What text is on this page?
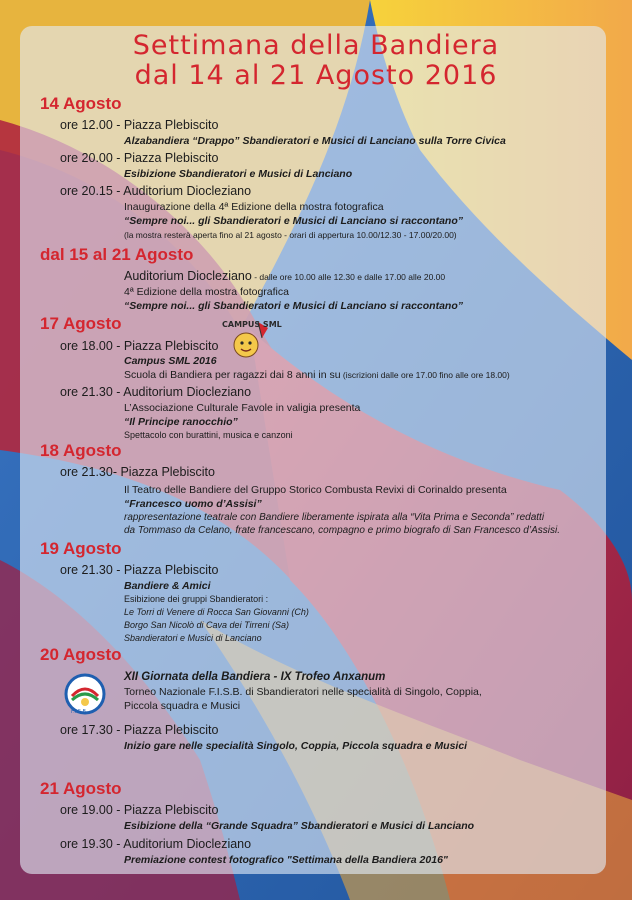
Settimana della Bandiera
dal 14 al 21 Agosto 2016
14 Agosto
ore 12.00 - Piazza Plebiscito
Alzabandiera “Drappo” Sbandieratori e Musici di Lanciano sulla Torre Civica
ore 20.00 - Piazza Plebiscito
Esibizione Sbandieratori e Musici di Lanciano
ore 20.15 - Auditorium Diocleziano
Inaugurazione della 4ª Edizione della mostra fotografica
“Sempre noi... gli Sbandieratori e Musici di Lanciano si raccontano”
(la mostra resterà aperta fino al 21 agosto - orari di appertura 10.00/12.30 - 17.00/20.00)
dal 15 al 21 Agosto
Auditorium Diocleziano - dalle ore 10.00 alle 12.30 e dalle 17.00 alle 20.00
4ª Edizione della mostra fotografica
“Sempre noi... gli Sbandieratori e Musici di Lanciano si raccontano”
17 Agosto
ore 18.00 - Piazza Plebiscito
Campus SML 2016
Scuola di Bandiera per ragazzi dai 8 anni in su (iscrizioni dalle ore 17.00 fino alle ore 18.00)
ore 21.30 - Auditorium Diocleziano
L’Associazione Culturale Favole in valigia presenta
“Il Principe ranocchio”
Spettacolo con burattini, musica e canzoni
CAMPUS SML
18 Agosto
ore 21.30- Piazza Plebiscito
Il Teatro delle Bandiere del Gruppo Storico Combusta Revixi di Corinaldo presenta
“Francesco uomo d’Assisi”
rappresentazione teatrale con Bandiere liberamente ispirata alla “Vita Prima e Seconda” redatti
da Tommaso da Celano, frate francescano, compagno e primo biografo di San Francesco d’Assisi.
19 Agosto
ore 21.30 - Piazza Plebiscito
Bandiere & Amici
Esibizione dei gruppi Sbandieratori :
Le Torri di Venere di Rocca San Giovanni (Ch)
Borgo San Nicolò di Cava dei Tirreni (Sa)
Sbandieratori e Musici di Lanciano
20 Agosto
F.I.S.B.
XII Giornata della Bandiera - IX Trofeo Anxanum
Torneo Nazionale F.I.S.B. di Sbandieratori nelle specialità di Singolo, Coppia,
Piccola squadra e Musici
ore 17.30 - Piazza Plebiscito
Inizio gare nelle specialità Singolo, Coppia, Piccola squadra e Musici
21 Agosto
ore 19.00 - Piazza Plebiscito
Esibizione della “Grande Squadra” Sbandieratori e Musici di Lanciano
ore 19.30 - Auditorium Diocleziano
Premiazione contest fotografico "Settimana della Bandiera 2016"
